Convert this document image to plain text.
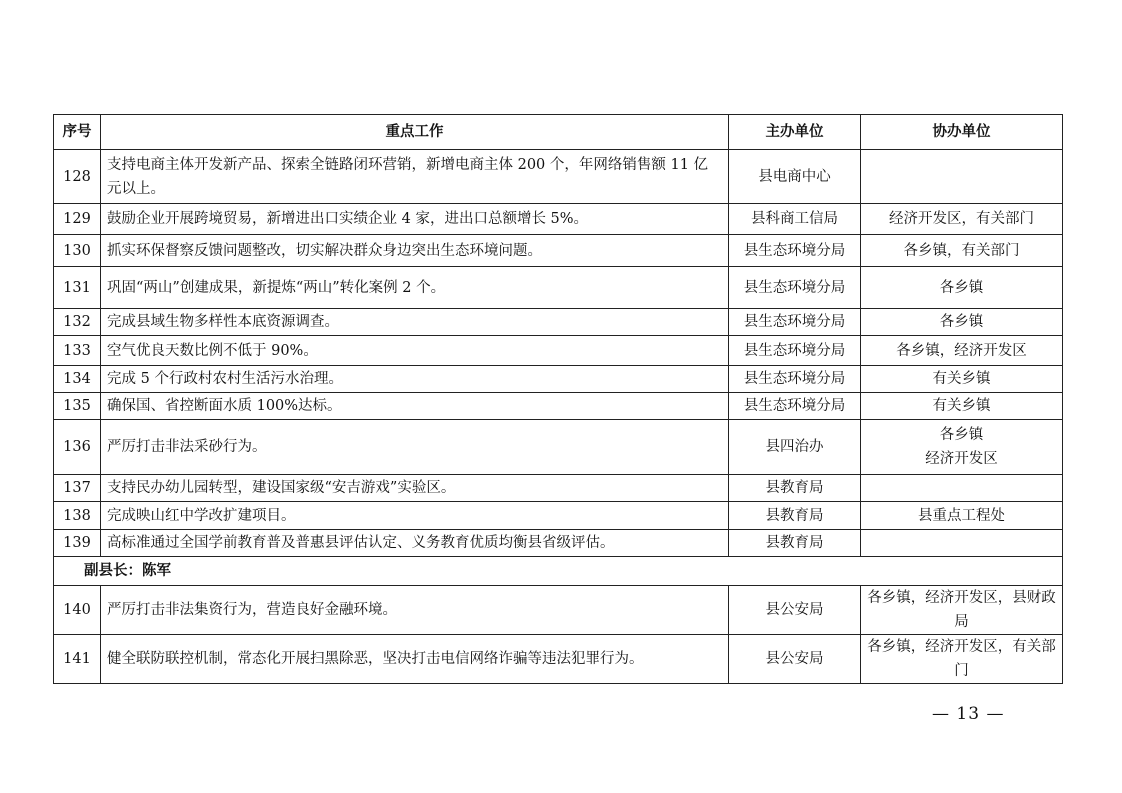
序号	重点工作	主办单位	协办单位
128	支持电商主体开发新产品、探索全链路闭环营销，新增电商主体 200 个，年网络销售额 11 亿元以上。	县电商中心	
129	鼓励企业开展跨境贸易，新增进出口实绩企业 4 家，进出口总额增长 5%。	县科商工信局	经济开发区，有关部门
130	抓实环保督察反馈问题整改，切实解决群众身边突出生态环境问题。	县生态环境分局	各乡镇，有关部门
131	巩固“两山”创建成果，新提炼“两山”转化案例 2 个。	县生态环境分局	各乡镇
132	完成县域生物多样性本底资源调查。	县生态环境分局	各乡镇
133	空气优良天数比例不低于 90%。	县生态环境分局	各乡镇，经济开发区
134	完成 5 个行政村农村生活污水治理。	县生态环境分局	有关乡镇
135	确保国、省控断面水质 100%达标。	县生态环境分局	有关乡镇
136	严厉打击非法采砂行为。	县四治办	各乡镇
经济开发区

137	支持民办幼儿园转型，建设国家级“安吉游戏”实验区。	县教育局	
138	完成映山红中学改扩建项目。	县教育局	县重点工程处
139	高标准通过全国学前教育普及普惠县评估认定、义务教育优质均衡县省级评估。	县教育局	
副县长：陈军			
140	严厉打击非法集资行为，营造良好金融环境。	县公安局	各乡镇，经济开发区，县财政局
141	健全联防联控机制，常态化开展扫黑除恶，坚决打击电信网络诈骗等违法犯罪行为。	县公安局	各乡镇，经济开发区，有关部门
— 13 —
